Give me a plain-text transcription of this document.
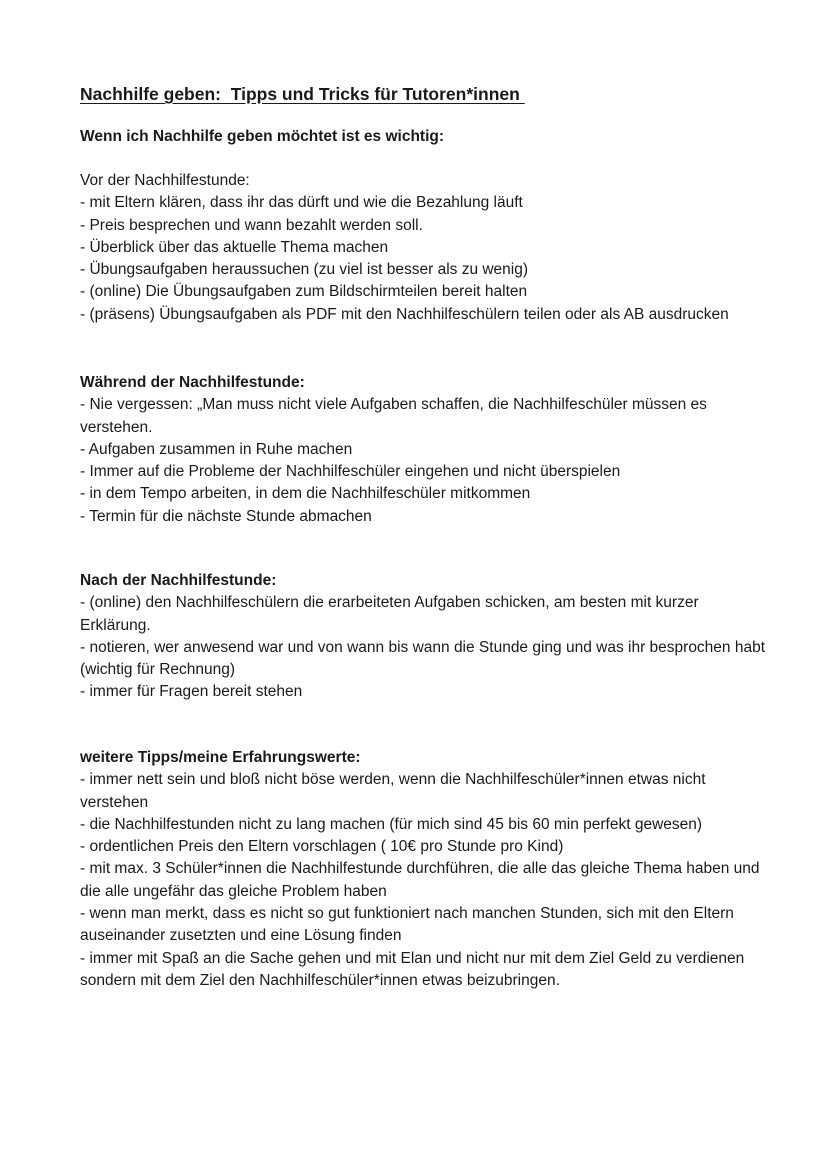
Nachhilfe geben:  Tipps und Tricks für Tutoren*innen

Wenn ich Nachhilfe geben möchtet ist es wichtig:

Vor der Nachhilfestunde:

- mit Eltern klären, dass ihr das dürft und wie die Bezahlung läuft
- Preis besprechen und wann bezahlt werden soll.
- Überblick über das aktuelle Thema machen
- Übungsaufgaben heraussuchen (zu viel ist besser als zu wenig)
- (online) Die Übungsaufgaben zum Bildschirmteilen bereit halten
- (präsens) Übungsaufgaben als PDF mit den Nachhilfeschülern teilen oder als AB ausdrucken

Während der Nachhilfestunde:

- Nie vergessen: „Man muss nicht viele Aufgaben schaffen, die Nachhilfeschüler müssen es verstehen.
- Aufgaben zusammen in Ruhe machen
- Immer auf die Probleme der Nachhilfeschüler eingehen und nicht überspielen
- in dem Tempo arbeiten, in dem die Nachhilfeschüler mitkommen
- Termin für die nächste Stunde abmachen

Nach der Nachhilfestunde:

- (online) den Nachhilfeschülern die erarbeiteten Aufgaben schicken, am besten mit kurzer Erklärung.
- notieren, wer anwesend war und von wann bis wann die Stunde ging und was ihr besprochen habt (wichtig für Rechnung)
- immer für Fragen bereit stehen

weitere Tipps/meine Erfahrungswerte:

- immer nett sein und bloß nicht böse werden, wenn die Nachhilfeschüler*innen etwas nicht verstehen
- die Nachhilfestunden nicht zu lang machen (für mich sind 45 bis 60 min perfekt gewesen)
- ordentlichen Preis den Eltern vorschlagen ( 10€ pro Stunde pro Kind)
- mit max. 3 Schüler*innen die Nachhilfestunde durchführen, die alle das gleiche Thema haben und die alle ungefähr das gleiche Problem haben
- wenn man merkt, dass es nicht so gut funktioniert nach manchen Stunden, sich mit den Eltern auseinander zusetzten und eine Lösung finden
- immer mit Spaß an die Sache gehen und mit Elan und nicht nur mit dem Ziel Geld zu verdienen sondern mit dem Ziel den Nachhilfeschüler*innen etwas beizubringen.
